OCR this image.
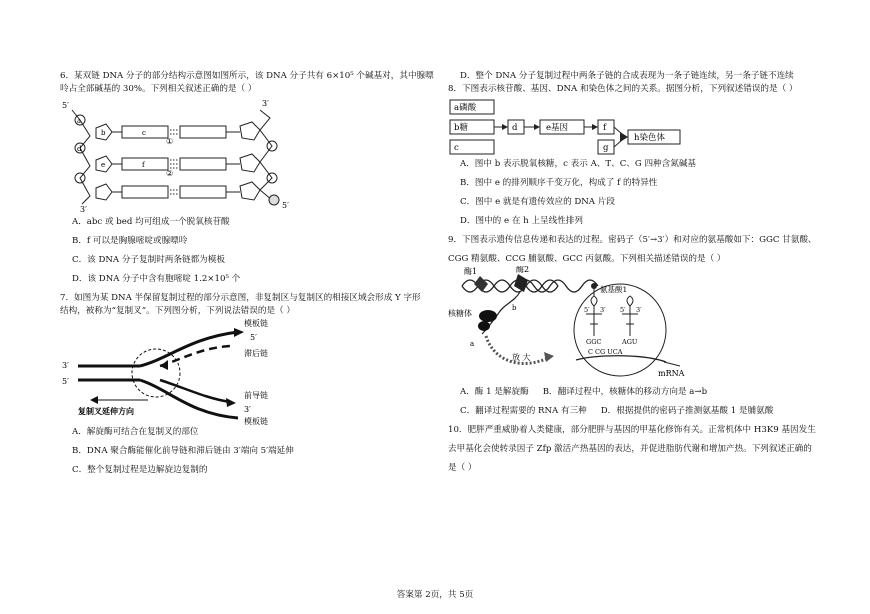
6．某双链 DNA 分子的部分结构示意图如图所示，该 DNA 分子共有 6×10⁵ 个碱基对，其中腺嘌

呤占全部碱基的 30%。下列相关叙述正确的是（ ）

5′	3′
a
b	c
d
e	f
①
②
3′	5′

A．abc 或 bed 均可组成一个脱氧核苷酸

B．f 可以是胸腺嘧啶或腺嘌呤

C．该 DNA 分子复制时两条链都为模板

D．该 DNA 分子中含有胞嘧啶 1.2×10⁵ 个

7．如图为某 DNA 半保留复制过程的部分示意图，非复制区与复制区的相接区域会形成 Y 字形

结构，被称为“复制叉”。下列图分析，下列说法错误的是（ ）

模板链
5′
3′
滞后链
5′
前导链
3′
模板链
复制叉延伸方向

A．解旋酶可结合在复制叉的部位

B．DNA 聚合酶能催化前导链和滞后链由 3′端向 5′端延伸

C．整个复制过程是边解旋边复制的

D．整个 DNA 分子复制过程中两条子链的合成表现为一条子链连续，另一条子链不连续

8．下图表示核苷酸、基因、DNA 和染色体之间的关系。据图分析，下列叙述错误的是（ ）

a磷酸
b糖
c
d	e基因	f
g
h染色体

A．图中 b 表示脱氧核糖，c 表示 A、T、C、G 四种含氮碱基

B．图中 e 的排列顺序千变万化，构成了 f 的特异性

C．图中 e 就是有遗传效应的 DNA 片段

D．图中的 e 在 h 上呈线性排列

9．下图表示遗传信息传递和表达的过程。密码子（5′→3′）和对应的氨基酸如下：GGC 甘氨酸、

CGG 精氨酸、CCG 脯氨酸、GCC 丙氨酸。下列相关描述错误的是（ ）

酶1	酶2
核糖体
b
a
放 大
氨基酸1
5′ 3′ 5′ 3′
GGC	AGU
C CG UCA
mRNA

A．酶 1 是解旋酶 B．翻译过程中，核糖体的移动方向是 a→b

C．翻译过程需要的 RNA 有三种 D．根据提供的密码子推测氨基酸 1 是脯氨酸

10．肥胖严重威胁着人类健康，部分肥胖与基因的甲基化修饰有关。正常机体中 H3K9 基因发生

去甲基化会使转录因子 Zfp 激活产热基因的表达，并促进脂肪代谢和增加产热。下列叙述正确的

是（ ）

答案第 2页，共 5页
